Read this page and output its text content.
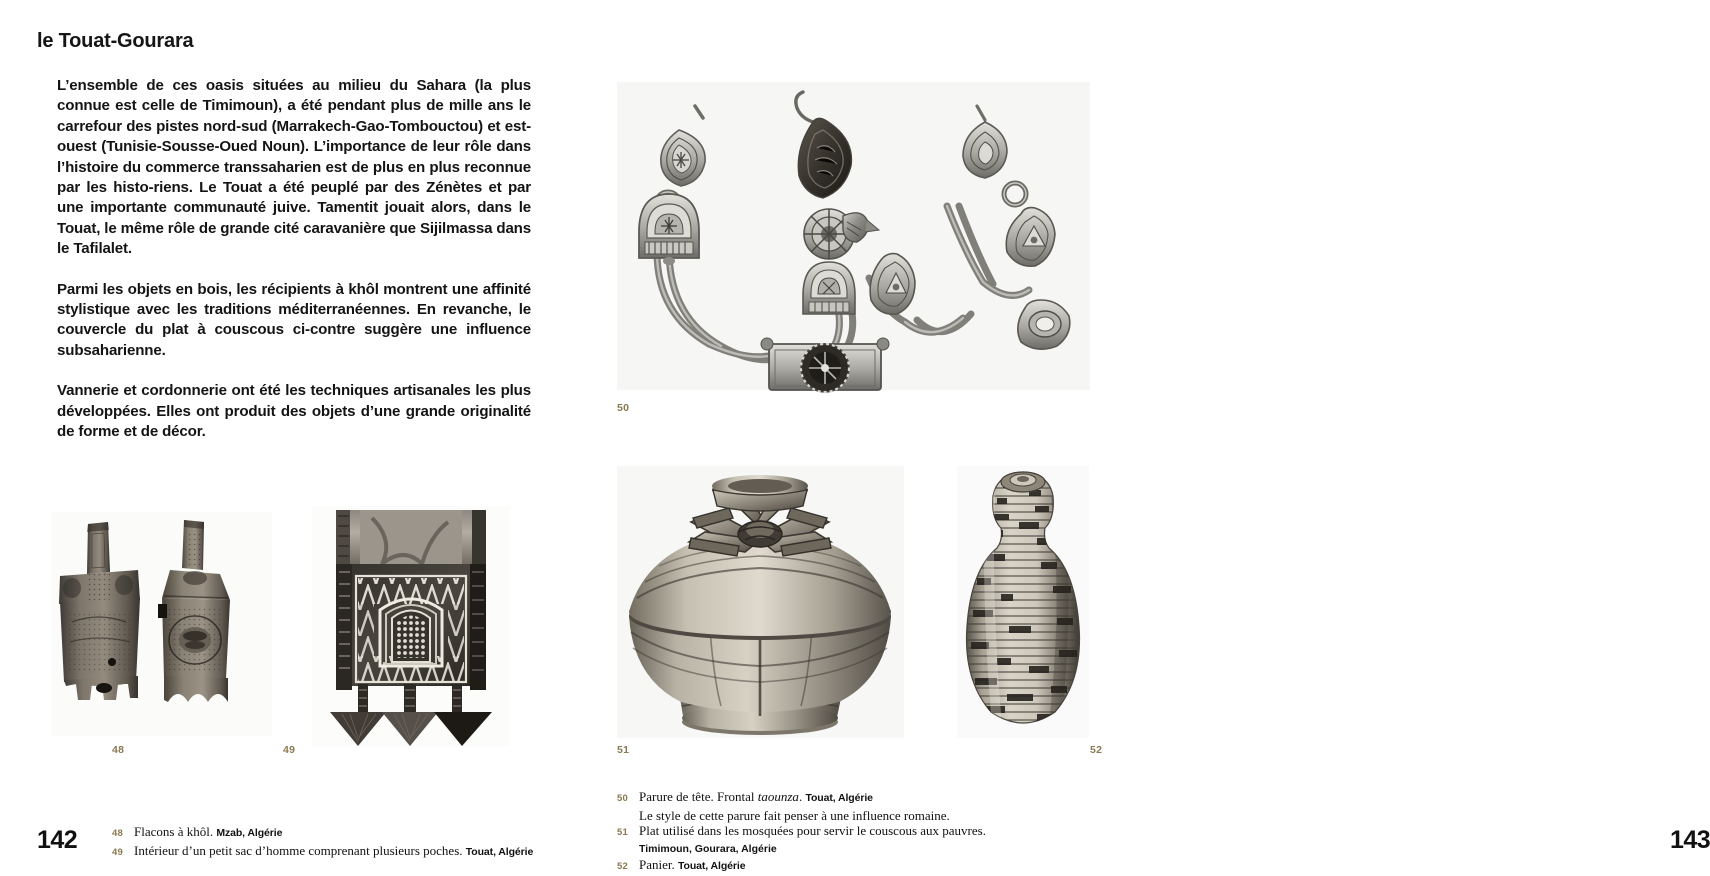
le Touat-Gourara

L’ensemble de ces oasis situées au milieu du Sahara (la plus connue est celle de Timimoun), a été pendant plus de mille ans le carrefour des pistes nord-sud (Marrakech-Gao-Tombouctou) et est-ouest (Tunisie-Sousse-Oued Noun). L’importance de leur rôle dans l’histoire du commerce transsaharien est de plus en plus reconnue par les histo-riens. Le Touat a été peuplé par des Zénètes et par une importante communauté juive. Tamentit jouait alors, dans le Touat, le même rôle de grande cité caravanière que Sijilmassa dans le Tafilalet.

Parmi les objets en bois, les récipients à khôl montrent une affinité stylistique avec les traditions méditerranéennes. En revanche, le couvercle du plat à couscous ci-contre suggère une influence subsaharienne.

Vannerie et cordonnerie ont été les techniques artisanales les plus développées. Elles ont produit des objets d’une grande originalité de forme et de décor.

48	49
48 Flacons à khôl. Mzab, Algérie
49 Intérieur d’un petit sac d’homme comprenant plusieurs poches. Touat, Algérie
142
50
51	52
50 Parure de tête. Frontal taounza. Touat, Algérie
Le style de cette parure fait penser à une influence romaine.
51 Plat utilisé dans les mosquées pour servir le couscous aux pauvres.
Timimoun, Gourara, Algérie
52 Panier. Touat, Algérie
143
